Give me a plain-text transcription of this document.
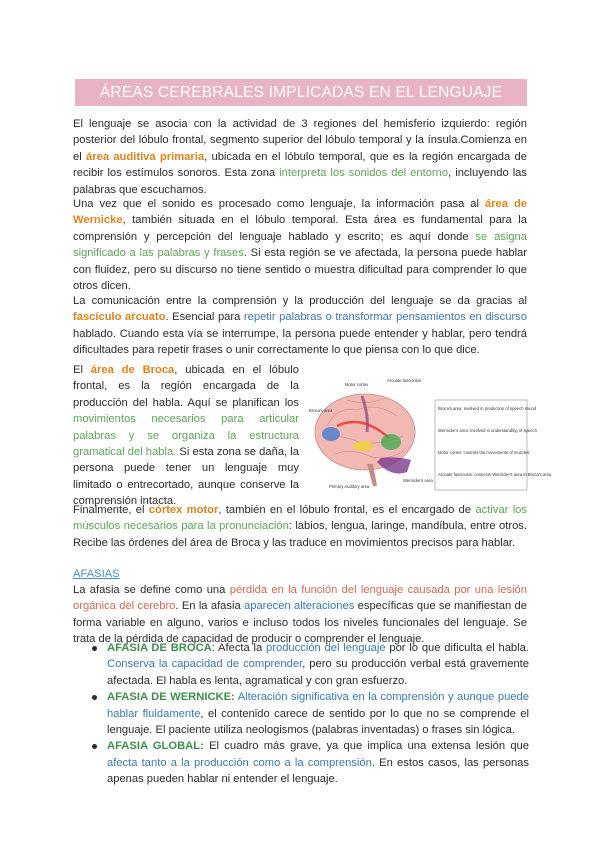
ÁREAS CEREBRALES IMPLICADAS EN EL LENGUAJE

El lenguaje se asocia con la actividad de 3 regiones del hemisferio izquierdo: región posterior del lóbulo frontal, segmento superior del lóbulo temporal y la ínsula.Comienza en el área auditiva primaria, ubicada en el lóbulo temporal, que es la región encargada de recibir los estímulos sonoros. Esta zona interpreta los sonidos del entorno, incluyendo las palabras que escuchamos.

Una vez que el sonido es procesado como lenguaje, la información pasa al área de Wernicke, también situada en el lóbulo temporal. Esta área es fundamental para la comprensión y percepción del lenguaje hablado y escrito; es aquí donde se asigna significado a las palabras y frases. Si esta región se ve afectada, la persona puede hablar con fluidez, pero su discurso no tiene sentido o muestra dificultad para comprender lo que otros dicen.

La comunicación entre la comprensión y la producción del lenguaje se da gracias al fascículo arcuato. Esencial para repetir palabras o transformar pensamientos en discurso hablado. Cuando esta vía se interrumpe, la persona puede entender y hablar, pero tendrá dificultades para repetir frases o unir correctamente lo que piensa con lo que dice.

El área de Broca, ubicada en el lóbulo frontal, es la región encargada de la producción del habla. Aquí se planifican los movimientos necesarios para articular palabras y se organiza la estructura gramatical del habla. Si esta zona se daña, la persona puede tener un lenguaje muy limitado o entrecortado, aunque conserve la comprensión intacta.

Motor cortex
Arcuate fasciculus
Broca's area
Primary Auditory area
Wernicke's area
Broca's area: involved in production of speech sound
Wernicke's area: involved in understanding of speech
Motor cortex: controls the movements of muscles
Arcuate fasciculus: connects Wernicke's area to Broca's area

Finalmente, el córtex motor, también en el lóbulo frontal, es el encargado de activar los músculos necesarios para la pronunciación: labios, lengua, laringe, mandíbula, entre otros. Recibe las órdenes del área de Broca y las traduce en movimientos precisos para hablar.

AFASIAS

La afasia se define como una pérdida en la función del lenguaje causada por una lesión orgánica del cerebro. En la afasia aparecen alteraciones específicas que se manifiestan de forma variable en alguno, varios e incluso todos los niveles funcionales del lenguaje. Se trata de la pérdida de capacidad de producir o comprender el lenguaje.

AFASIA DE BROCA: Afecta la producción del lenguaje por lo que dificulta el habla. Conserva la capacidad de comprender, pero su producción verbal está gravemente afectada. El habla es lenta, agramatical y con gran esfuerzo.
AFASIA DE WERNICKE: Alteración significativa en la comprensión y aunque puede hablar fluidamente, el contenido carece de sentido por lo que no se comprende el lenguaje. El paciente utiliza neologismos (palabras inventadas) o frases sin lógica.
AFASIA GLOBAL: El cuadro más grave, ya que implica una extensa lesión que afecta tanto a la producción como a la comprensión. En estos casos, las personas apenas pueden hablar ni entender el lenguaje.
